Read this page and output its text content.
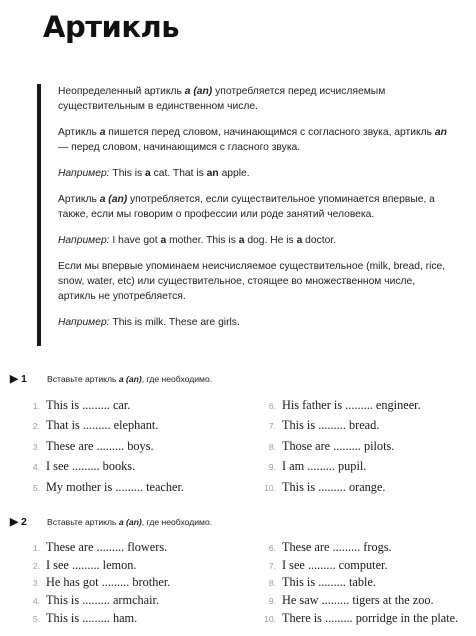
Артикль

Неопределенный артикль a (an) употребляется перед исчисляемым существительным в единственном числе.

Артикль a пишется перед словом, начинающимся с согласного звука, артикль an — перед словом, начинающимся с гласного звука.

Например: This is a cat. That is an apple.

Артикль a (an) употребляется, если существительное упоминается впервые, а также, если мы говорим о профессии или роде занятий человека.

Например: I have got a mother. This is a dog. He is a doctor.

Если мы впервые упоминаем неисчисляемое существительное (milk, bread, rice, snow, water, etc) или существительное, стоящее во множественном числе, артикль не употребляется.

Например: This is milk. These are girls.

▶ 1 Вставьте артикль a (an), где необходимо.
1. This is ......... car.
2. That is ......... elephant.
3. These are ......... boys.
4. I see ......... books.
5. My mother is ......... teacher.
6. His father is ......... engineer.
7. This is ......... bread.
8. Those are ......... pilots.
9. I am ......... pupil.
10. This is ......... orange.
▶ 2 Вставьте артикль a (an), где необходимо.
1. These are ......... flowers.
2. I see ......... lemon.
3. He has got ......... brother.
4. This is ......... armchair.
5. This is ......... ham.
6. These are ......... frogs.
7. I see ......... computer.
8. This is ......... table.
9. He saw ......... tigers at the zoo.
10. There is ......... porridge in the plate.
